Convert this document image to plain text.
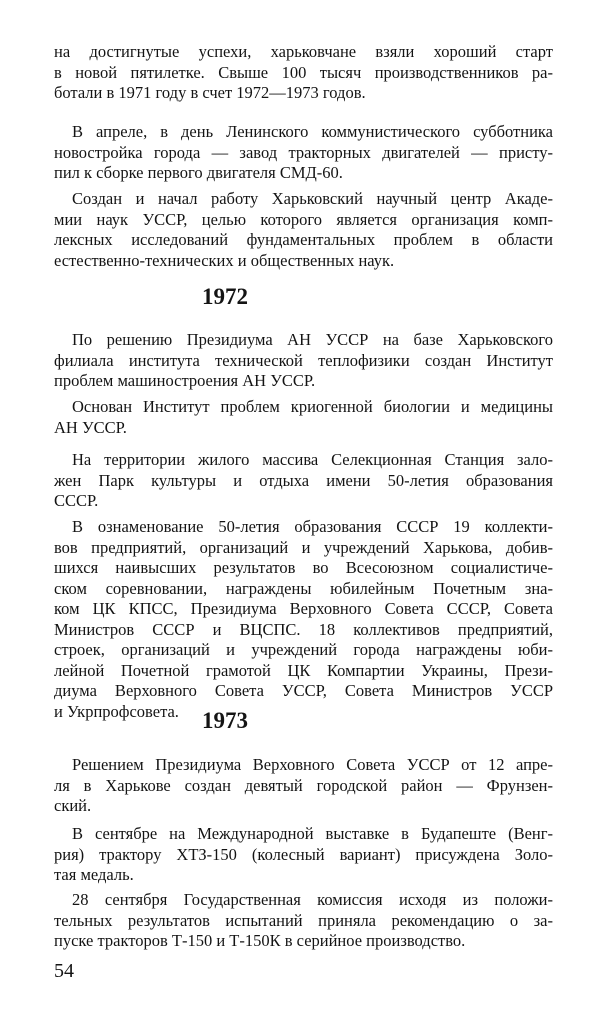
на достигнутые успехи, харьковчане взяли хороший старт
в новой пятилетке. Свыше 100 тысяч производственников ра-
ботали в 1971 году в счет 1972—1973 годов.
В апреле, в день Ленинского коммунистического субботника
новостройка города — завод тракторных двигателей — присту-
пил к сборке первого двигателя СМД-60.
Создан и начал работу Харьковский научный центр Акаде-
мии наук УССР, целью которого является организация комп-
лексных исследований фундаментальных проблем в области
естественно-технических и общественных наук.
1972
По решению Президиума АН УССР на базе Харьковского
филиала института технической теплофизики создан Институт
проблем машиностроения АН УССР.
Основан Институт проблем криогенной биологии и медицины
АН УССР.
На территории жилого массива Селекционная Станция зало-
жен Парк культуры и отдыха имени 50-летия образования
СССР.
В ознаменование 50-летия образования СССР 19 коллекти-
вов предприятий, организаций и учреждений Харькова, добив-
шихся наивысших результатов во Всесоюзном социалистиче-
ском соревновании, награждены юбилейным Почетным зна-
ком ЦК КПСС, Президиума Верховного Совета СССР, Совета
Министров СССР и ВЦСПС. 18 коллективов предприятий,
строек, организаций и учреждений города награждены юби-
лейной Почетной грамотой ЦК Компартии Украины, Прези-
диума Верховного Совета УССР, Совета Министров УССР
и Укрпрофсовета.	1973
Решением Президиума Верховного Совета УССР от 12 апре-
ля в Харькове создан девятый городской район — Фрунзен-
ский.
В сентябре на Международной выставке в Будапеште (Венг-
рия) трактору ХТЗ-150 (колесный вариант) присуждена Золо-
тая медаль.
28 сентября Государственная комиссия исходя из положи-
тельных результатов испытаний приняла рекомендацию о за-
пуске тракторов Т-150 и Т-150К в серийное производство.
54
